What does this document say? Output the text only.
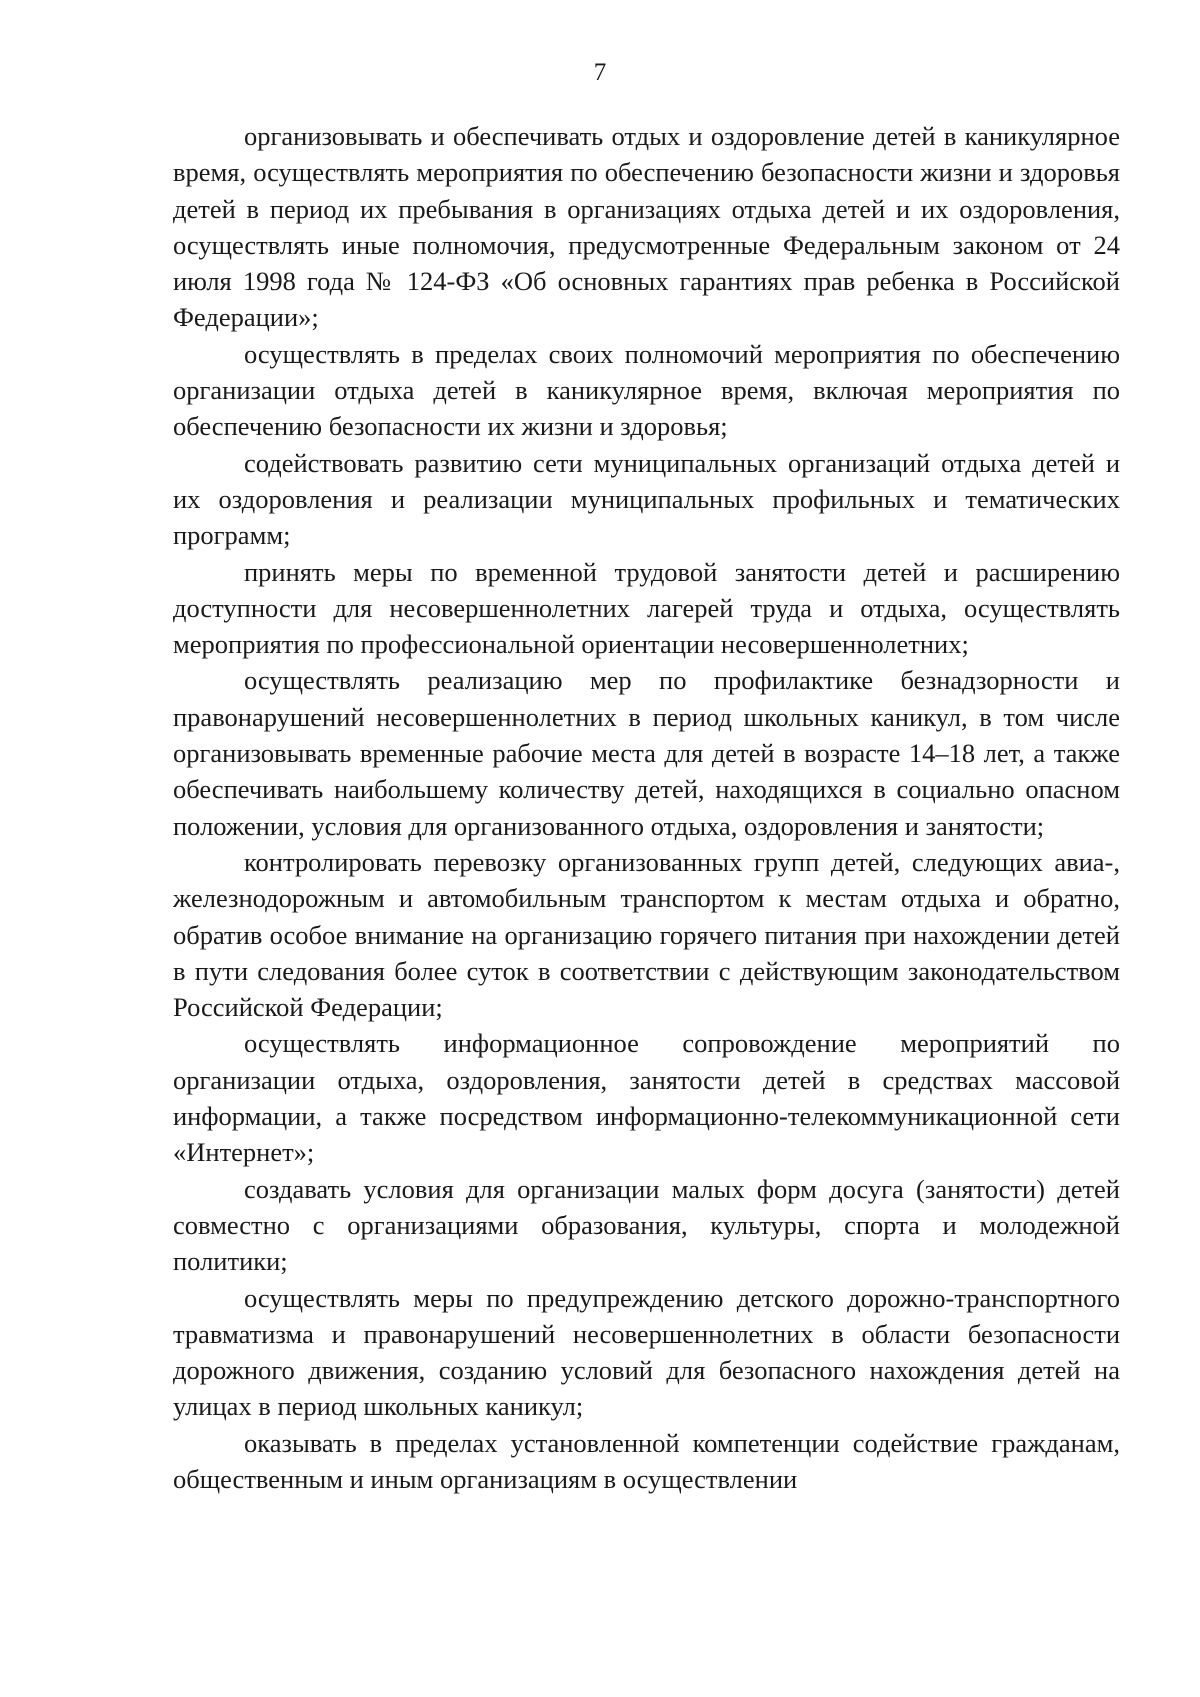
7

организовывать и обеспечивать отдых и оздоровление детей в каникулярное время, осуществлять мероприятия по обеспечению безопасности жизни и здоровья детей в период их пребывания в организациях отдыха детей и их оздоровления, осуществлять иные полномочия, предусмотренные Федеральным законом от 24 июля 1998 года № 124-ФЗ «Об основных гарантиях прав ребенка в Российской Федерации»;

осуществлять в пределах своих полномочий мероприятия по обеспечению организации отдыха детей в каникулярное время, включая мероприятия по обеспечению безопасности их жизни и здоровья;

содействовать развитию сети муниципальных организаций отдыха детей и их оздоровления и реализации муниципальных профильных и тематических программ;

принять меры по временной трудовой занятости детей и расширению доступности для несовершеннолетних лагерей труда и отдыха, осуществлять мероприятия по профессиональной ориентации несовершеннолетних;

осуществлять реализацию мер по профилактике безнадзорности и правонарушений несовершеннолетних в период школьных каникул, в том числе организовывать временные рабочие места для детей в возрасте 14–18 лет, а также обеспечивать наибольшему количеству детей, находящихся в социально опасном положении, условия для организованного отдыха, оздоровления и занятости;

контролировать перевозку организованных групп детей, следующих авиа-, железнодорожным и автомобильным транспортом к местам отдыха и обратно, обратив особое внимание на организацию горячего питания при нахождении детей в пути следования более суток в соответствии с действующим законодательством Российской Федерации;

осуществлять информационное сопровождение мероприятий по организации отдыха, оздоровления, занятости детей в средствах массовой информации, а также посредством информационно-телекоммуникационной сети «Интернет»;

создавать условия для организации малых форм досуга (занятости) детей совместно с организациями образования, культуры, спорта и молодежной политики;

осуществлять меры по предупреждению детского дорожно-транспортного травматизма и правонарушений несовершеннолетних в области безопасности дорожного движения, созданию условий для безопасного нахождения детей на улицах в период школьных каникул;

оказывать в пределах установленной компетенции содействие гражданам, общественным и иным организациям в осуществлении
